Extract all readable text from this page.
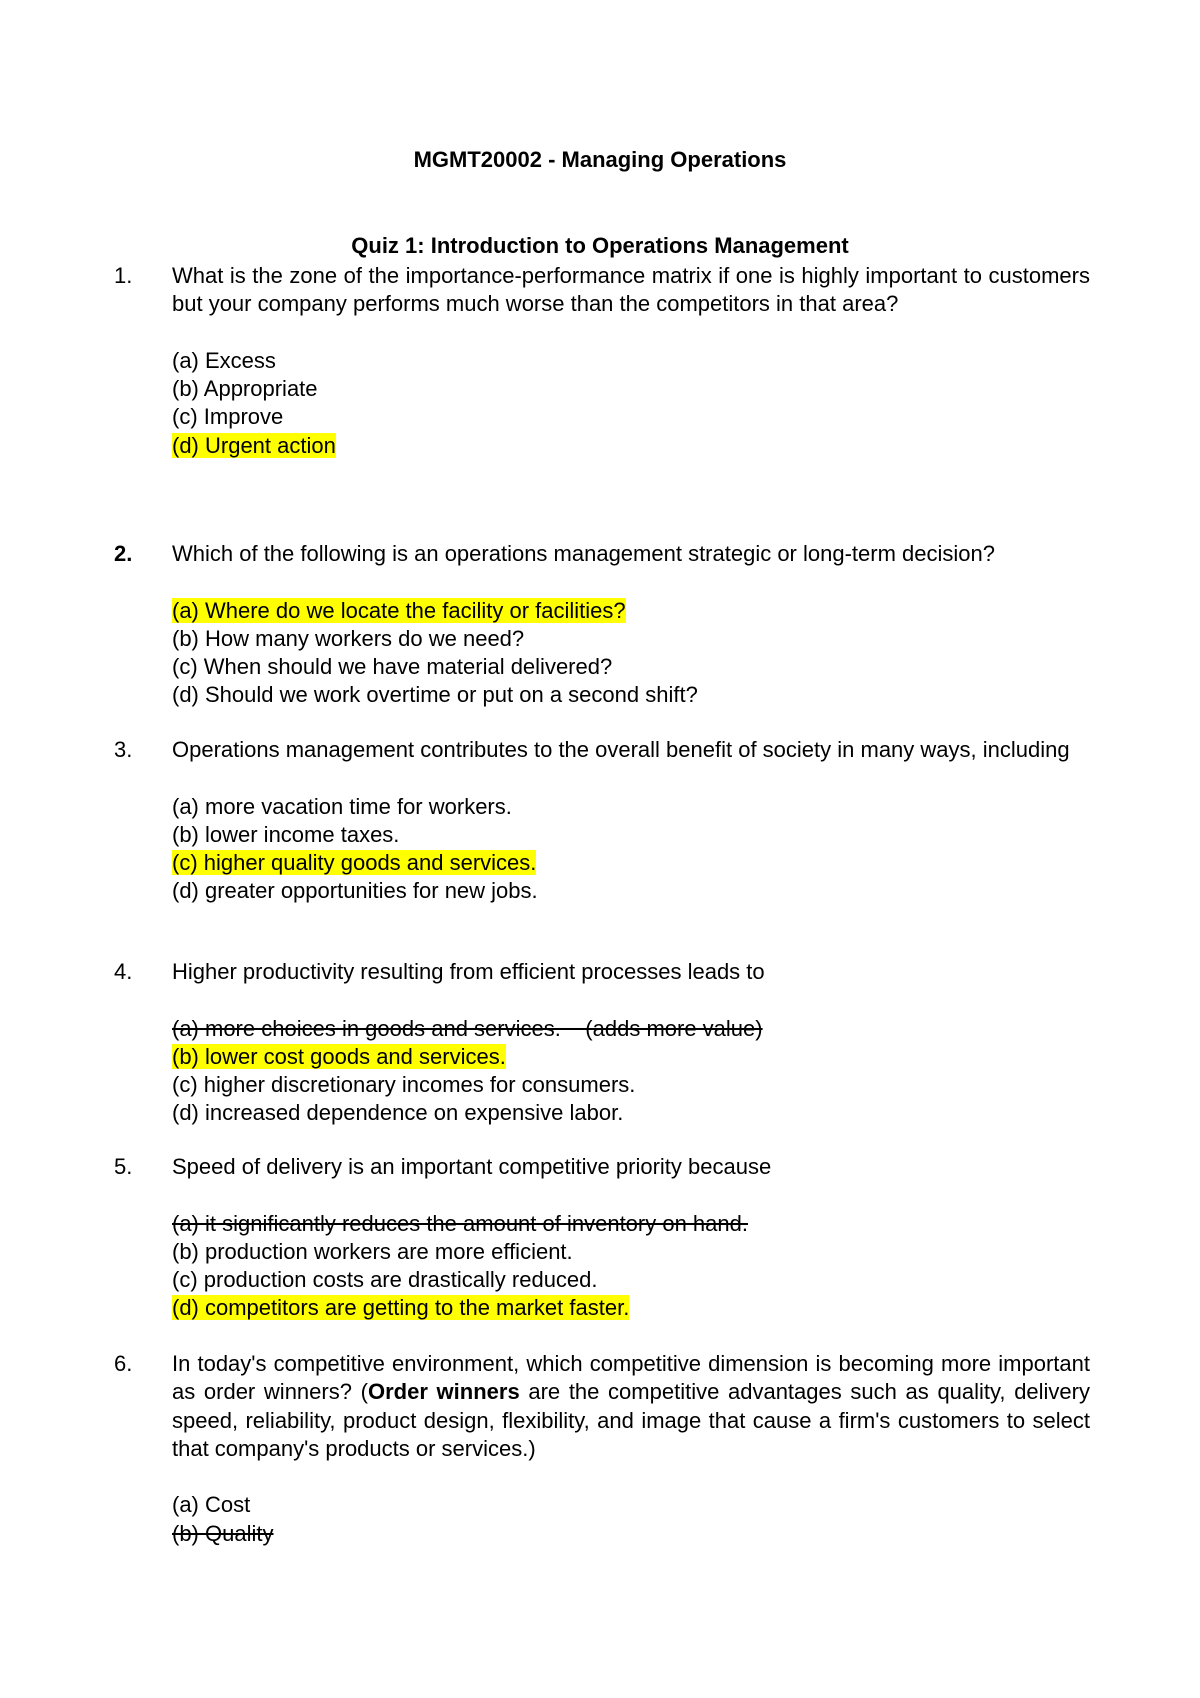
MGMT20002 - Managing Operations
Quiz 1: Introduction to Operations Management
1. What is the zone of the importance-performance matrix if one is highly important to customers but your company performs much worse than the competitors in that area?
(a) Excess
(b) Appropriate
(c) Improve
(d) Urgent action
2. Which of the following is an operations management strategic or long-term decision?
(a) Where do we locate the facility or facilities?
(b) How many workers do we need?
(c) When should we have material delivered?
(d) Should we work overtime or put on a second shift?
3. Operations management contributes to the overall benefit of society in many ways, including
(a) more vacation time for workers.
(b) lower income taxes.
(c) higher quality goods and services.
(d) greater opportunities for new jobs.
4. Higher productivity resulting from efficient processes leads to
(a) more choices in goods and services.    (adds more value)
(b) lower cost goods and services.
(c) higher discretionary incomes for consumers.
(d) increased dependence on expensive labor.
5. Speed of delivery is an important competitive priority because
(a) it significantly reduces the amount of inventory on hand.
(b) production workers are more efficient.
(c) production costs are drastically reduced.
(d) competitors are getting to the market faster.
6. In today's competitive environment, which competitive dimension is becoming more important as order winners? (Order winners are the competitive advantages such as quality, delivery speed, reliability, product design, flexibility, and image that cause a firm's customers to select that company's products or services.)
(a) Cost
(b) Quality
